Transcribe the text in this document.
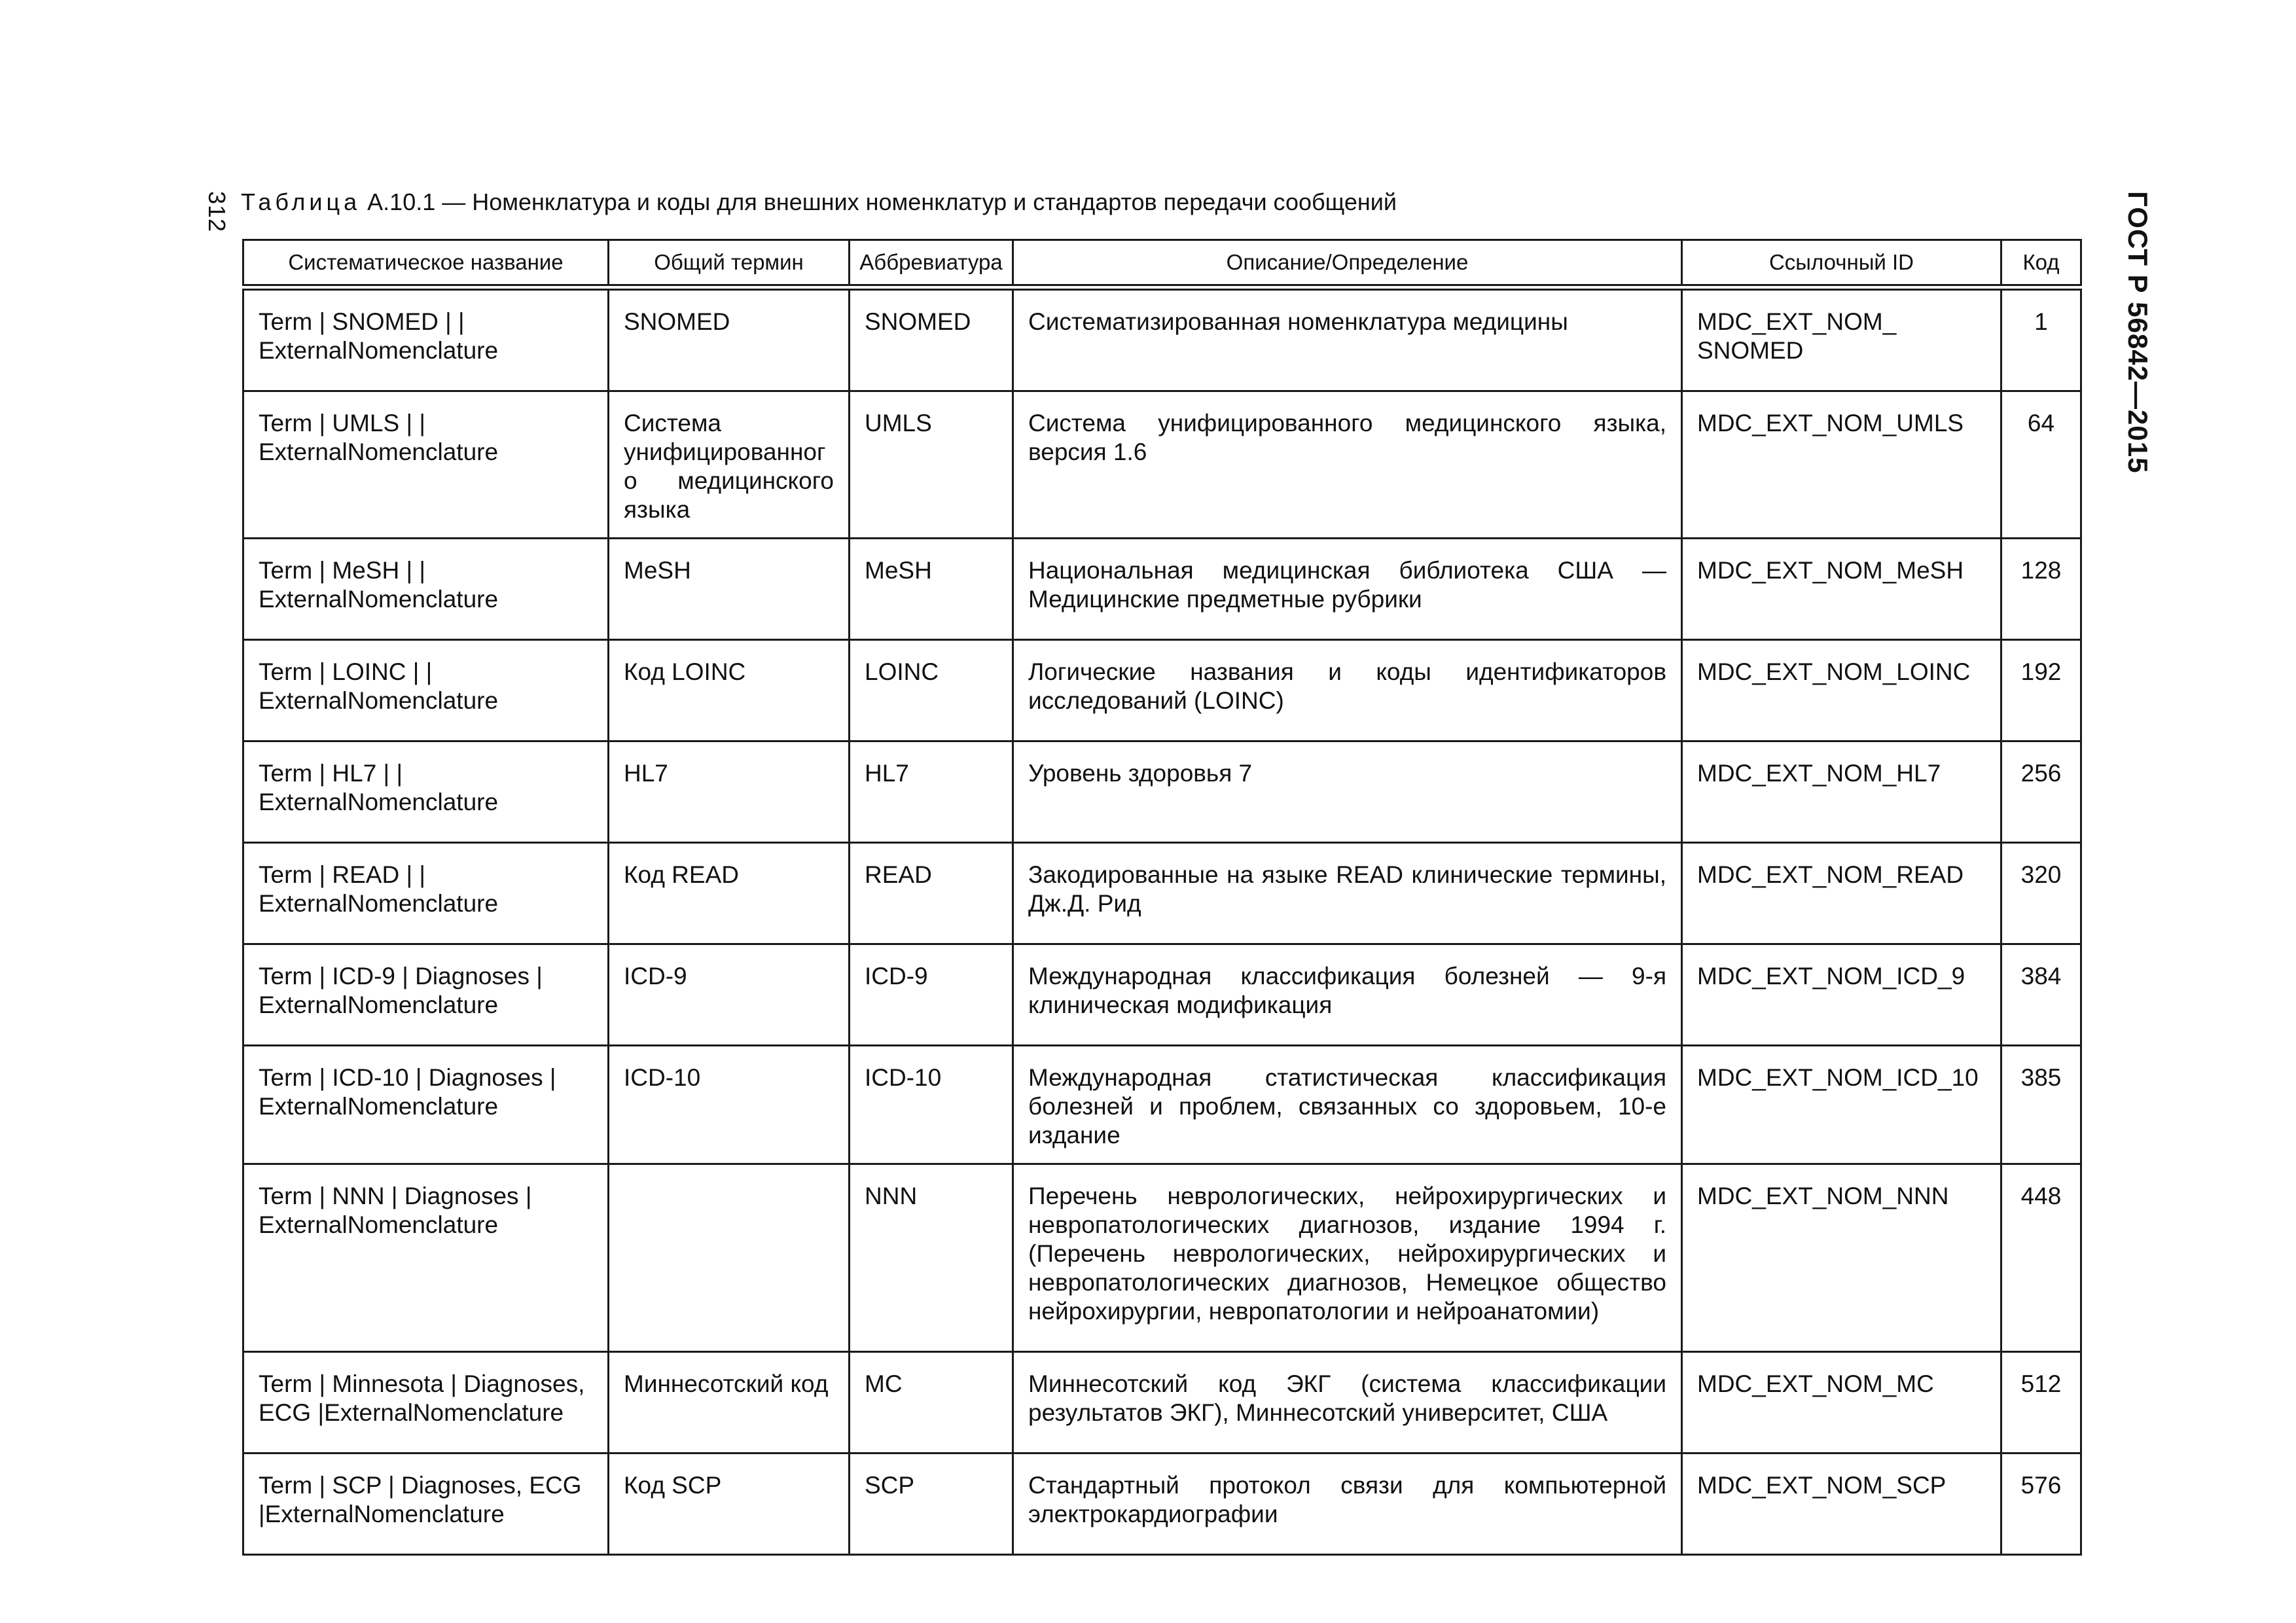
312	ГОСТ Р 56842—2015
Таблица А.10.1 — Номенклатура и коды для внешних номенклатур и стандартов передачи сообщений
Систематическое название	Общий термин	Аббревиатура	Описание/Определение	Ссылочный ID	Код
Term | SNOMED | | ExternalNomenclature	SNOMED	SNOMED	Систематизированная номенклатура медицины	MDC_EXT_NOM_ SNOMED	1
Term | UMLS | | ExternalNomenclature	Система унифицированного медицинского языка	UMLS	Система унифицированного медицинского языка, версия 1.6	MDC_EXT_NOM_UMLS	64
Term | MeSH | | ExternalNomenclature	MeSH	MeSH	Национальная медицинская библиотека США — Медицинские предметные рубрики	MDC_EXT_NOM_MeSH	128
Term | LOINC | | ExternalNomenclature	Код LOINC	LOINC	Логические названия и коды идентификаторов исследований (LOINC)	MDC_EXT_NOM_LOINC	192
Term | HL7 | | ExternalNomenclature	HL7	HL7	Уровень здоровья 7	MDC_EXT_NOM_HL7	256
Term | READ | | ExternalNomenclature	Код READ	READ	Закодированные на языке READ клинические термины, Дж.Д. Рид	MDC_EXT_NOM_READ	320
Term | ICD-9 | Diagnoses | ExternalNomenclature	ICD-9	ICD-9	Международная классификация болезней — 9-я клиническая модификация	MDC_EXT_NOM_ICD_9	384
Term | ICD-10 | Diagnoses | ExternalNomenclature	ICD-10	ICD-10	Международная статистическая классификация болезней и проблем, связанных со здоровьем, 10-е издание	MDC_EXT_NOM_ICD_10	385
Term | NNN | Diagnoses | ExternalNomenclature		NNN	Перечень неврологических, нейрохирургических и невропатологических диагнозов, издание 1994 г. (Перечень неврологических, нейрохирургических и невропатологических диагнозов, Немецкое общество нейрохирургии, невропатологии и нейроанатомии)	MDC_EXT_NOM_NNN	448
Term | Minnesota | Diagnoses, ECG |ExternalNomenclature	Миннесотский код	MC	Миннесотский код ЭКГ (система классификации результатов ЭКГ), Миннесотский университет, США	MDC_EXT_NOM_MC	512
Term | SCP | Diagnoses, ECG |ExternalNomenclature	Код SCP	SCP	Стандартный протокол связи для компьютерной электрокардиографии	MDC_EXT_NOM_SCP	576
